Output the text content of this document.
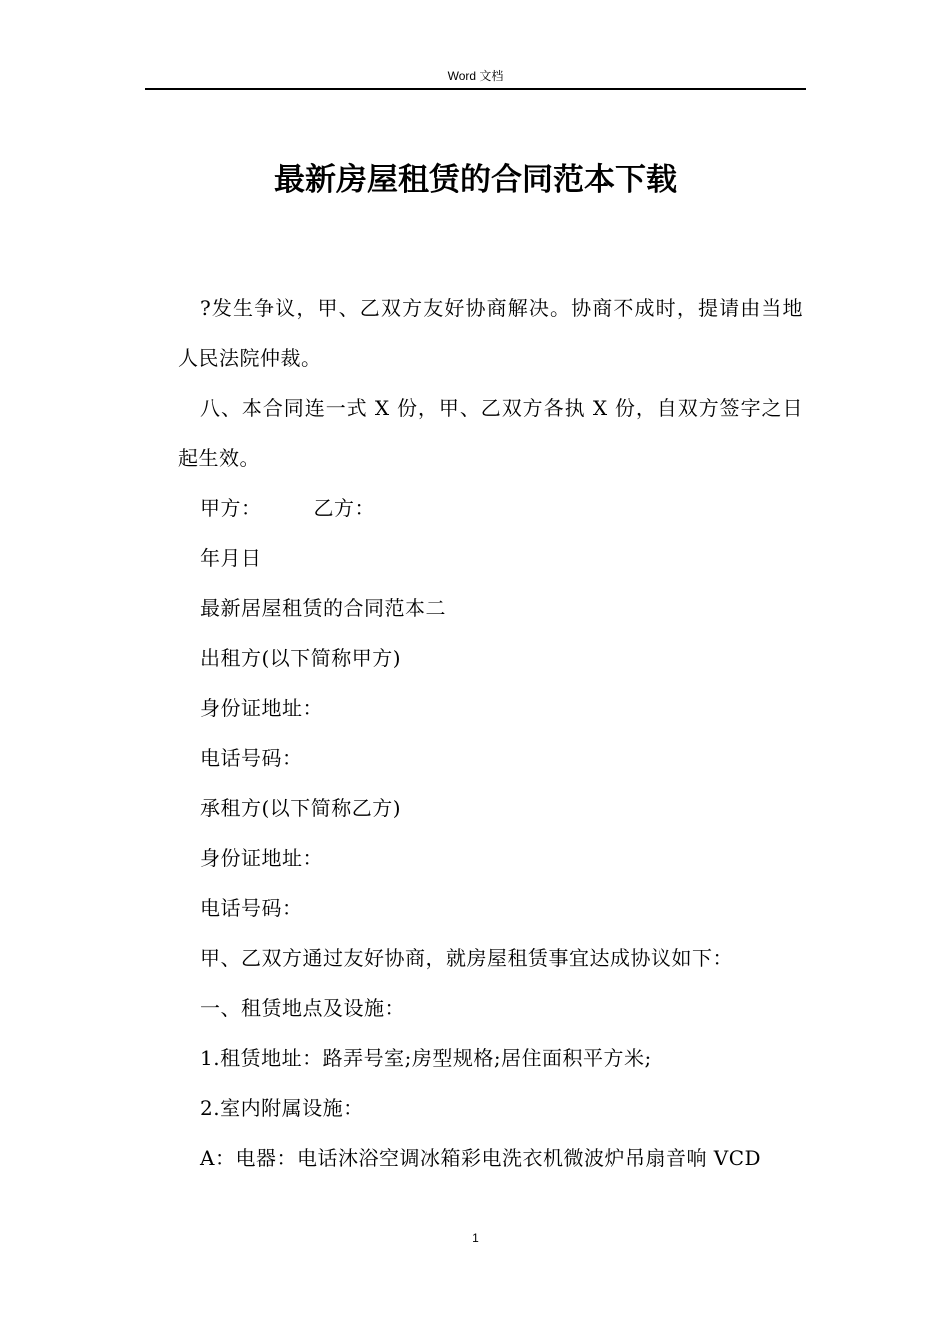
Word 文档
最新房屋租赁的合同范本下载

?发生争议，甲、乙双方友好协商解决。协商不成时，提请由当地人民法院仲裁。

八、本合同连一式 X 份，甲、乙双方各执 X 份，自双方签字之日起生效。

甲方：	乙方：

年月日

最新居屋租赁的合同范本二

出租方(以下简称甲方)

身份证地址：

电话号码：

承租方(以下简称乙方)

身份证地址：

电话号码：

甲、乙双方通过友好协商，就房屋租赁事宜达成协议如下：

一、租赁地点及设施：

1.租赁地址：路弄号室;房型规格;居住面积平方米;

2.室内附属设施：

A：电器：电话沐浴空调冰箱彩电洗衣机微波炉吊扇音响 VCD

1
